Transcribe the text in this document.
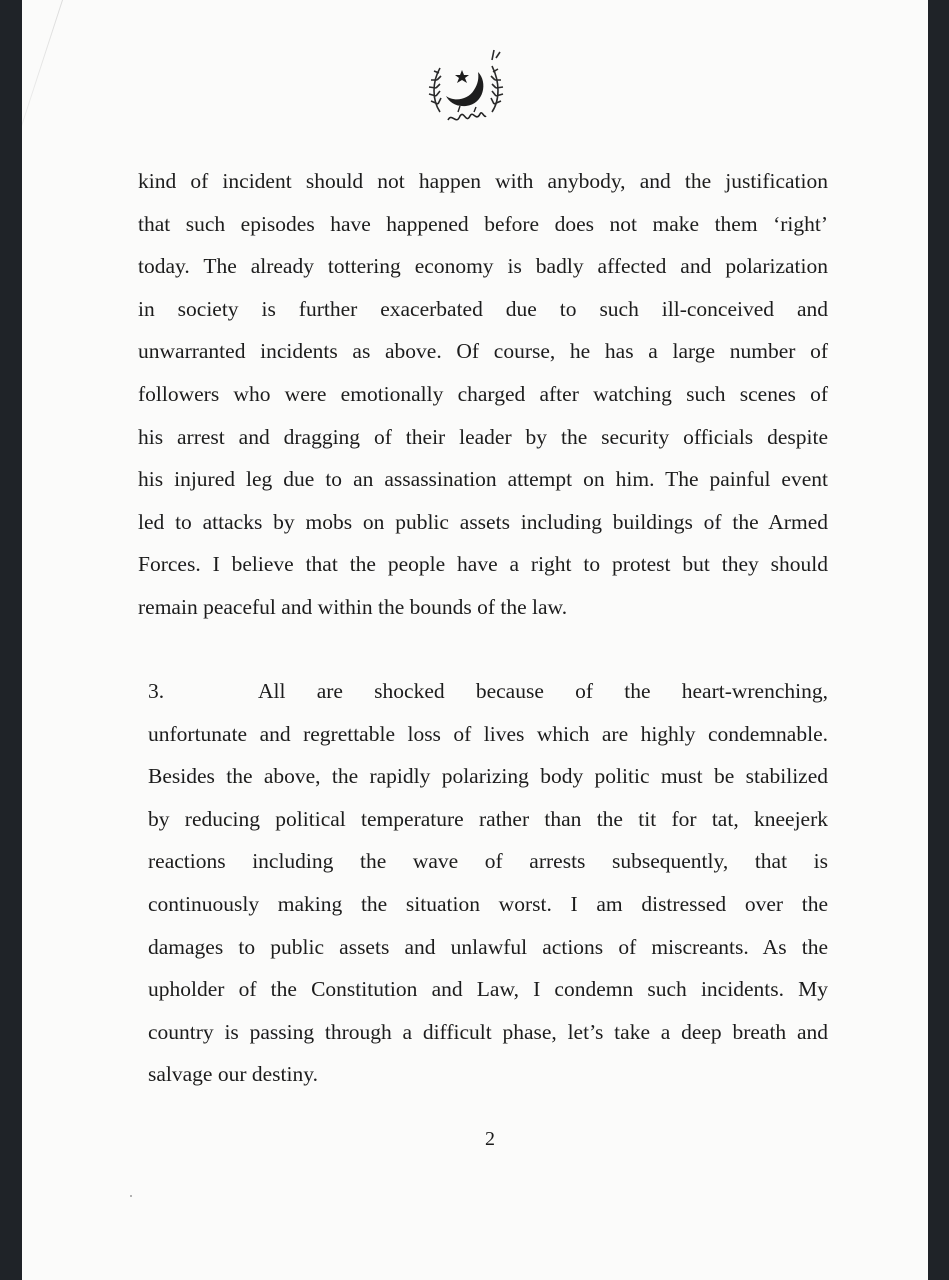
kind of incident should not happen with anybody, and the justification
that such episodes have happened before does not make them ‘right’
today. The already tottering economy is badly affected and polarization
in society is further exacerbated due to such ill-conceived and
unwarranted incidents as above. Of course, he has a large number of
followers who were emotionally charged after watching such scenes of
his arrest and dragging of their leader by the security officials despite
his injured leg due to an assassination attempt on him. The painful event
led to attacks by mobs on public assets including buildings of the Armed
Forces. I believe that the people have a right to protest but they should
remain peaceful and within the bounds of the law.
3.	All are shocked because of the heart-wrenching,
unfortunate and regrettable loss of lives which are highly condemnable.
Besides the above, the rapidly polarizing body politic must be stabilized
by reducing political temperature rather than the tit for tat, kneejerk
reactions including the wave of arrests subsequently, that is
continuously making the situation worst. I am distressed over the
damages to public assets and unlawful actions of miscreants. As the
upholder of the Constitution and Law, I condemn such incidents. My
country is passing through a difficult phase, let’s take a deep breath and
salvage our destiny.
2
